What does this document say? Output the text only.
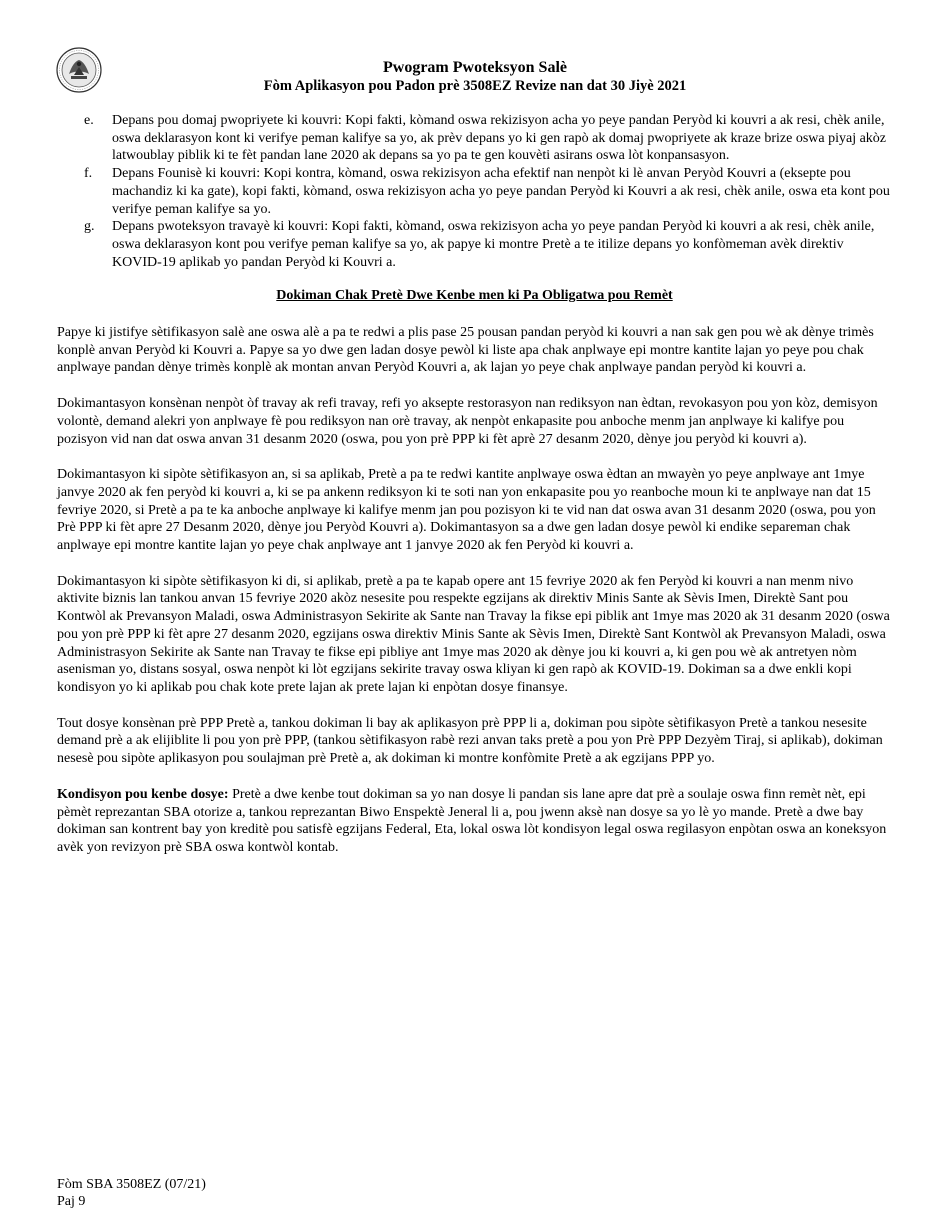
Pwogram Pwoteksyon Salè
Fòm Aplikasyon pou Padon prè 3508EZ Revize nan dat 30 Jiyè 2021
e. Depans pou domaj pwopriyete ki kouvri: Kopi fakti, kòmand oswa rekizisyon acha yo peye pandan Peryòd ki kouvri a ak resi, chèk anile, oswa deklarasyon kont ki verifye peman kalifye sa yo, ak prèv depans yo ki gen rapò ak domaj pwopriyete ak kraze brize oswa piyaj akòz latwoublay piblik ki te fèt pandan lane 2020 ak depans sa yo pa te gen kouvèti asirans oswa lòt konpansasyon.
f. Depans Founisè ki kouvri: Kopi kontra, kòmand, oswa rekizisyon acha efektif nan nenpòt ki lè anvan Peryòd Kouvri a (eksepte pou machandiz ki ka gate), kopi fakti, kòmand, oswa rekizisyon acha yo peye pandan Peryòd ki Kouvri a ak resi, chèk anile, oswa eta kont pou verifye peman kalifye sa yo.
g. Depans pwoteksyon travayè ki kouvri: Kopi fakti, kòmand, oswa rekizisyon acha yo peye pandan Peryòd ki kouvri a ak resi, chèk anile, oswa deklarasyon kont pou verifye peman kalifye sa yo, ak papye ki montre Pretè a te itilize depans yo konfòmeman avèk direktiv KOVID-19 aplikab yo pandan Peryòd ki Kouvri a.
Dokiman Chak Pretè Dwe Kenbe men ki Pa Obligatwa pou Remèt

Papye ki jistifye sètifikasyon salè ane oswa alè a pa te redwi a plis pase 25 pousan pandan peryòd ki kouvri a nan sak gen pou wè ak dènye trimès konplè anvan Peryòd ki Kouvri a. Papye sa yo dwe gen ladan dosye pewòl ki liste apa chak anplwaye epi montre kantite lajan yo peye pou chak anplwaye pandan dènye trimès konplè ak montan anvan Peryòd Kouvri a, ak lajan yo peye chak anplwaye pandan peryòd ki kouvri a.

Dokimantasyon konsènan nenpòt òf travay ak refi travay, refi yo aksepte restorasyon nan rediksyon nan èdtan, revokasyon pou yon kòz, demisyon volontè, demand alekri yon anplwaye fè pou rediksyon nan orè travay, ak nenpòt enkapasite pou anboche menm jan anplwaye ki kalifye pou pozisyon vid nan dat oswa anvan 31 desanm 2020 (oswa, pou yon prè PPP ki fèt aprè 27 desanm 2020, dènye jou peryòd ki kouvri a).

Dokimantasyon ki sipòte sètifikasyon an, si sa aplikab, Pretè a pa te redwi kantite anplwaye oswa èdtan an mwayèn yo peye anplwaye ant 1mye janvye 2020 ak fen peryòd ki kouvri a, ki se pa ankenn rediksyon ki te soti nan yon enkapasite pou yo reanboche moun ki te anplwaye nan dat 15 fevriye 2020, si Pretè a pa te ka anboche anplwaye ki kalifye menm jan pou pozisyon ki te vid nan dat oswa avan 31 desanm 2020 (oswa, pou yon Prè PPP ki fèt apre 27 Desanm 2020, dènye jou Peryòd Kouvri a). Dokimantasyon sa a dwe gen ladan dosye pewòl ki endike separeman chak anplwaye epi montre kantite lajan yo peye chak anplwaye ant 1 janvye 2020 ak fen Peryòd ki kouvri a.

Dokimantasyon ki sipòte sètifikasyon ki di, si aplikab, pretè a pa te kapab opere ant 15 fevriye 2020 ak fen Peryòd ki kouvri a nan menm nivo aktivite biznis lan tankou anvan 15 fevriye 2020 akòz nesesite pou respekte egzijans ak direktiv Minis Sante ak Sèvis Imen, Direktè Sant pou Kontwòl ak Prevansyon Maladi, oswa Administrasyon Sekirite ak Sante nan Travay la fikse epi piblik ant 1mye mas 2020 ak 31 desanm 2020 (oswa pou yon prè PPP ki fèt apre 27 desanm 2020, egzijans oswa direktiv Minis Sante ak Sèvis Imen, Direktè Sant Kontwòl ak Prevansyon Maladi, oswa Administrasyon Sekirite ak Sante nan Travay te fikse epi pibliye ant 1mye mas 2020 ak dènye jou ki kouvri a, ki gen pou wè ak antretyen nòm asenisman yo, distans sosyal, oswa nenpòt ki lòt egzijans sekirite travay oswa kliyan ki gen rapò ak KOVID-19. Dokiman sa a dwe enkli kopi kondisyon yo ki aplikab pou chak kote prete lajan ak prete lajan ki enpòtan dosye finansye.

Tout dosye konsènan prè PPP Pretè a, tankou dokiman li bay ak aplikasyon prè PPP li a, dokiman pou sipòte sètifikasyon Pretè a tankou nesesite demand prè a ak elijiblite li pou yon prè PPP, (tankou sètifikasyon rabè rezi anvan taks pretè a pou yon Prè PPP Dezyèm Tiraj, si aplikab), dokiman nesesè pou sipòte aplikasyon pou soulajman prè Pretè a, ak dokiman ki montre konfòmite Pretè a ak egzijans PPP yo.

Kondisyon pou kenbe dosye: Pretè a dwe kenbe tout dokiman sa yo nan dosye li pandan sis lane apre dat prè a soulaje oswa finn remèt nèt, epi pèmèt reprezantan SBA otorize a, tankou reprezantan Biwo Enspektè Jeneral li a, pou jwenn aksè nan dosye sa yo lè yo mande. Pretè a dwe bay dokiman san kontrent bay yon kreditè pou satisfè egzijans Federal, Eta, lokal oswa lòt kondisyon legal oswa regilasyon enpòtan oswa an koneksyon avèk yon revizyon prè SBA oswa kontwòl kontab.

Fòm SBA 3508EZ (07/21)
Paj 9
